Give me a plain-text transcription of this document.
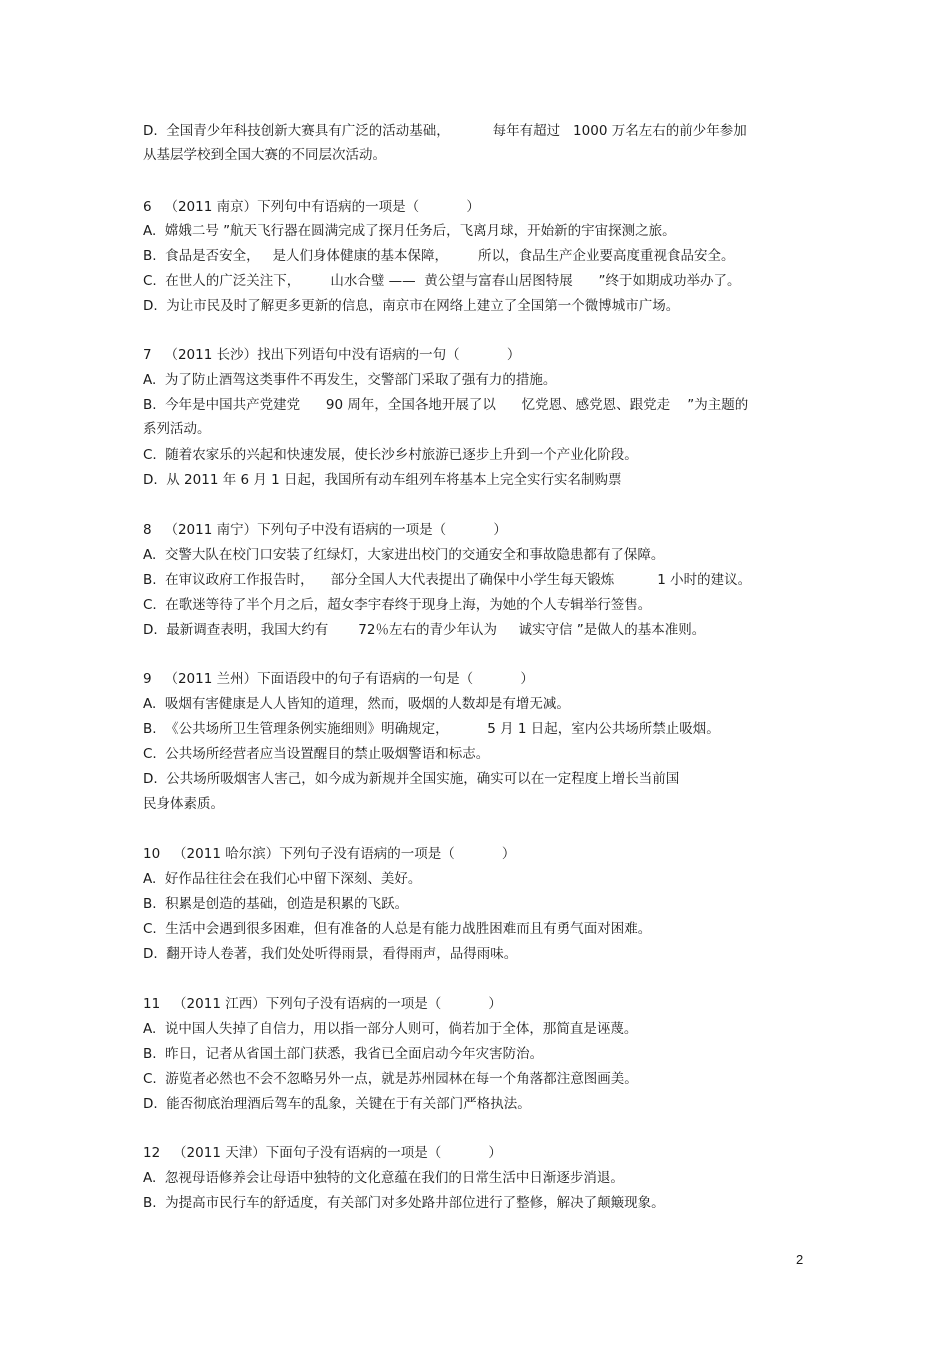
D.  全国青少年科技创新大赛具有广泛的活动基础，          每年有超过   1000 万名左右的前少年参加
从基层学校到全国大赛的不同层次活动。
6   （2011 南京）下列句中有语病的一项是（           ）
A.  嫦娥二号 ”航天飞行器在圆满完成了探月任务后，飞离月球，开始新的宇宙探测之旅。
B.  食品是否安全，   是人们身体健康的基本保障，       所以，食品生产企业要高度重视食品安全。
C.  在世人的广泛关注下，       山水合璧 ——  黄公望与富春山居图特展      ”终于如期成功举办了。
D.  为让市民及时了解更多更新的信息，南京市在网络上建立了全国第一个微博城市广场。
7   （2011 长沙）找出下列语句中没有语病的一句（           ）
A.  为了防止酒驾这类事件不再发生，交警部门采取了强有力的措施。
B.  今年是中国共产党建党      90 周年，全国各地开展了以      忆党恩、感党恩、跟党走    ”为主题的
系列活动。
C.  随着农家乐的兴起和快速发展，使长沙乡村旅游已逐步上升到一个产业化阶段。
D.  从 2011 年 6 月 1 日起，我国所有动车组列车将基本上完全实行实名制购票
8   （2011 南宁）下列句子中没有语病的一项是（           ）
A.  交警大队在校门口安装了红绿灯，大家进出校门的交通安全和事故隐患都有了保障。
B.  在审议政府工作报告时，    部分全国人大代表提出了确保中小学生每天锻炼          1 小时的建议。
C.  在歌迷等待了半个月之后，超女李宇春终于现身上海，为她的个人专辑举行签售。
D.  最新调查表明，我国大约有       72％左右的青少年认为     诚实守信 ”是做人的基本准则。
9   （2011 兰州）下面语段中的句子有语病的一句是（           ）
A.  吸烟有害健康是人人皆知的道理，然而，吸烟的人数却是有增无减。
B.  《公共场所卫生管理条例实施细则》明确规定，         5 月 1 日起，室内公共场所禁止吸烟。
C.  公共场所经营者应当设置醒目的禁止吸烟警语和标志。
D.  公共场所吸烟害人害己，如今成为新规并全国实施，确实可以在一定程度上增长当前国
民身体素质。
10   （2011 哈尔滨）下列句子没有语病的一项是（           ）
A.  好作品往往会在我们心中留下深刻、美好。
B.  积累是创造的基础，创造是积累的飞跃。
C.  生活中会遇到很多困难，但有准备的人总是有能力战胜困难而且有勇气面对困难。
D.  翻开诗人卷著，我们处处听得雨景，看得雨声，品得雨味。
11   （2011 江西）下列句子没有语病的一项是（           ）
A.  说中国人失掉了自信力，用以指一部分人则可，倘若加于全体，那简直是诬蔑。
B.  昨日，记者从省国土部门获悉，我省已全面启动今年灾害防治。
C.  游览者必然也不会不忽略另外一点，就是苏州园林在每一个角落都注意图画美。
D.  能否彻底治理酒后驾车的乱象，关键在于有关部门严格执法。
12   （2011 天津）下面句子没有语病的一项是（           ）
A.  忽视母语修养会让母语中独特的文化意蕴在我们的日常生活中日渐逐步消退。
B.  为提高市民行车的舒适度，有关部门对多处路井部位进行了整修，解决了颠簸现象。
2
